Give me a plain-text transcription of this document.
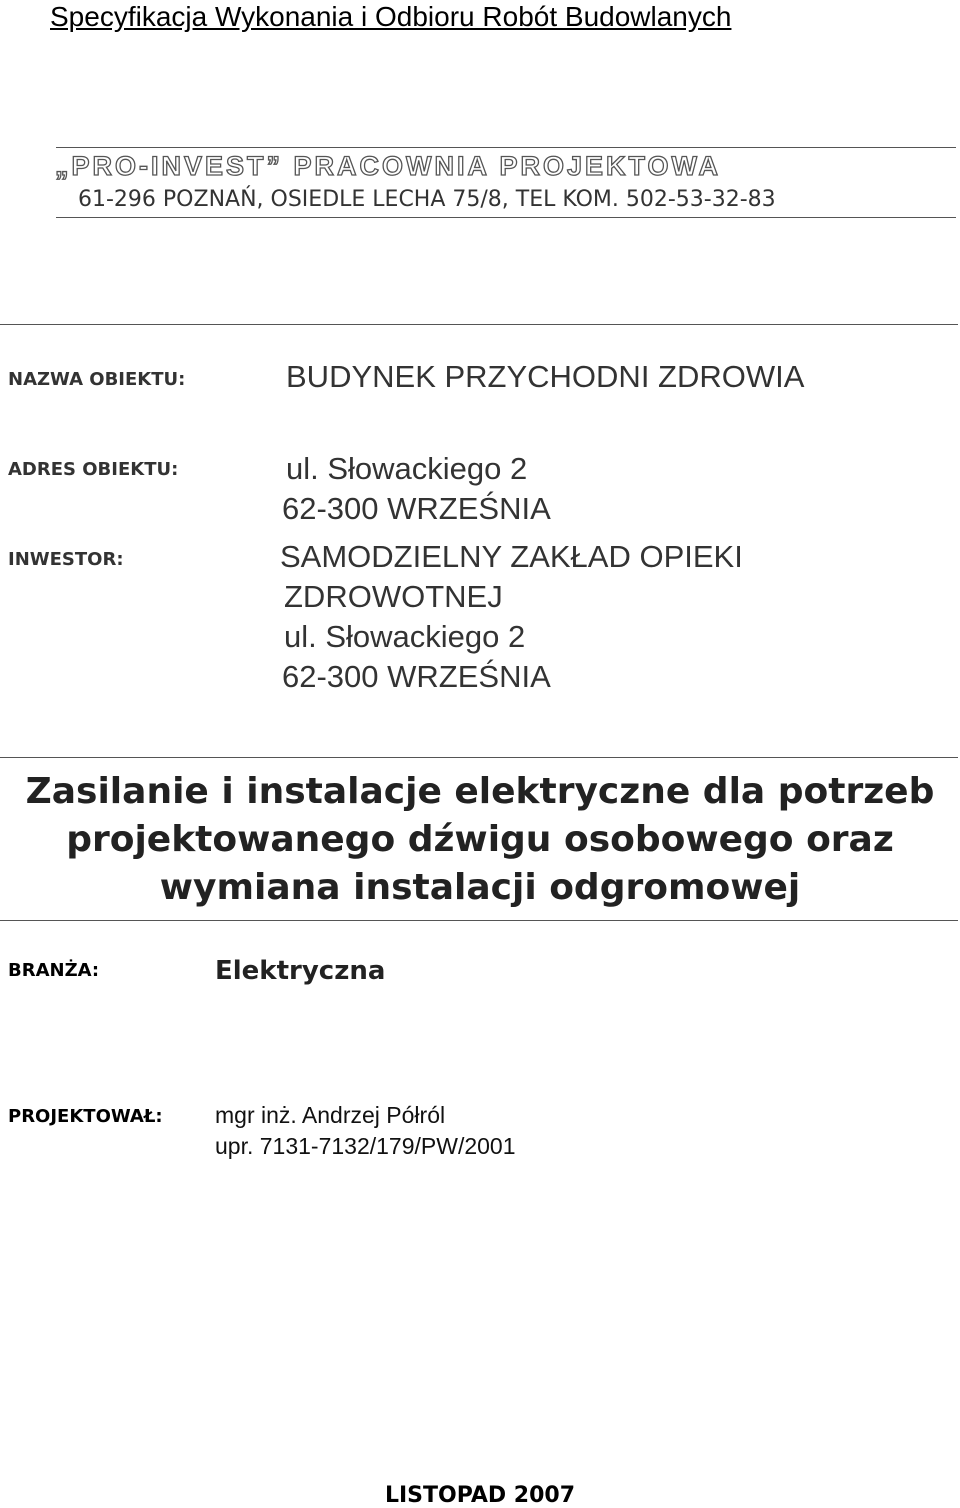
Specyfikacja Wykonania i Odbioru Robót Budowlanych
„PRO-INVEST” PRACOWNIA PROJEKTOWA
61-296 POZNAŃ, OSIEDLE LECHA 75/8, TEL KOM. 502-53-32-83
NAZWA OBIEKTU:	BUDYNEK PRZYCHODNI ZDROWIA
ADRES OBIEKTU:	ul. Słowackiego 2
62-300 WRZEŚNIA
INWESTOR:	SAMODZIELNY ZAKŁAD OPIEKI
ZDROWOTNEJ
ul. Słowackiego 2
62-300 WRZEŚNIA
Zasilanie i instalacje elektryczne dla potrzeb
projektowanego dźwigu osobowego oraz
wymiana instalacji odgromowej
BRANŻA:	Elektryczna
PROJEKTOWAŁ: mgr inż. Andrzej Półról
upr. 7131-7132/179/PW/2001
LISTOPAD 2007
